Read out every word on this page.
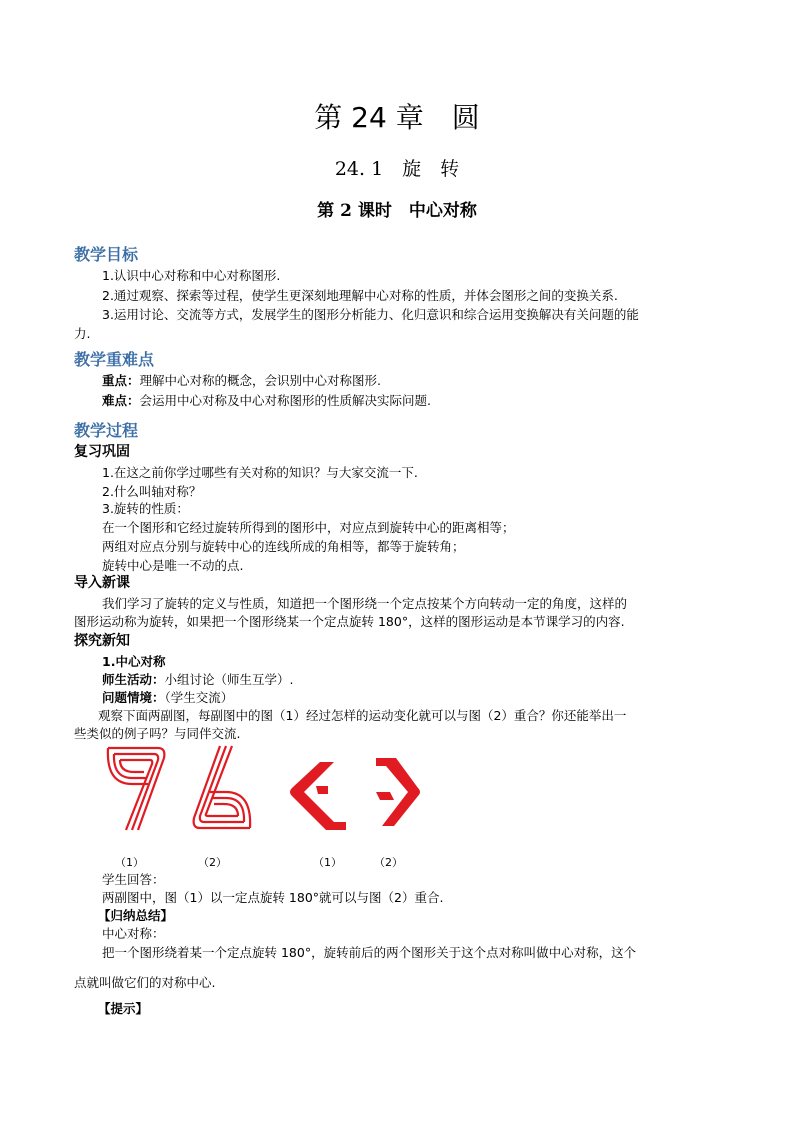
第 24 章　圆
24. 1　旋　转
第 2 课时　中心对称
教学目标
1.认识中心对称和中心对称图形.
2.通过观察、探索等过程，使学生更深刻地理解中心对称的性质，并体会图形之间的变换关系.
3.运用讨论、交流等方式，发展学生的图形分析能力、化归意识和综合运用变换解决有关问题的能
力.
教学重难点
重点：理解中心对称的概念，会识别中心对称图形.
难点：会运用中心对称及中心对称图形的性质解决实际问题.
教学过程
复习巩固
1.在这之前你学过哪些有关对称的知识？与大家交流一下.
2.什么叫轴对称？
3.旋转的性质：
在一个图形和它经过旋转所得到的图形中，对应点到旋转中心的距离相等；
两组对应点分别与旋转中心的连线所成的角相等，都等于旋转角；
旋转中心是唯一不动的点.
导入新课
我们学习了旋转的定义与性质，知道把一个图形绕一个定点按某个方向转动一定的角度，这样的
图形运动称为旋转，如果把一个图形绕某一个定点旋转 180°，这样的图形运动是本节课学习的内容.
探究新知
1.中心对称
师生活动：小组讨论（师生互学）.
问题情境：（学生交流）
观察下面两副图，每副图中的图（1）经过怎样的运动变化就可以与图（2）重合？你还能举出一
些类似的例子吗？与同伴交流.
（1）	（2）	（1）	（2）
学生回答：
两副图中，图（1）以一定点旋转 180°就可以与图（2）重合.
【归纳总结】
中心对称：
把一个图形绕着某一个定点旋转 180°，旋转前后的两个图形关于这个点对称叫做中心对称，这个
点就叫做它们的对称中心.
【提示】
